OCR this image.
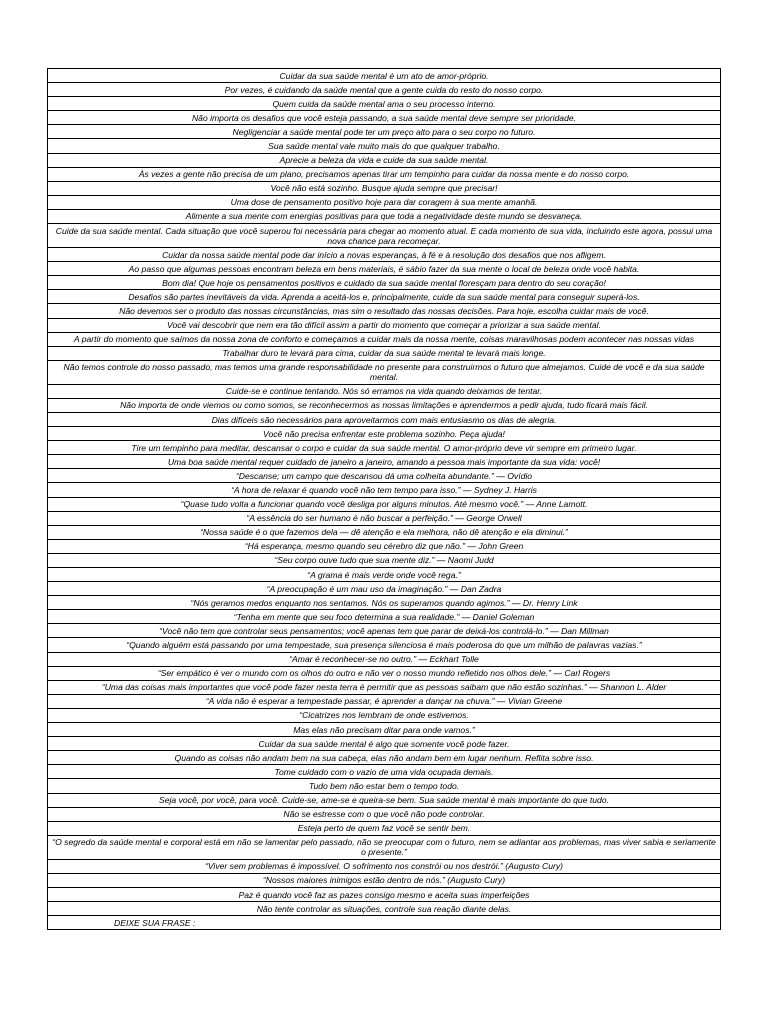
Cuidar da sua saúde mental é um ato de amor-próprio.
Por vezes, é cuidando da saúde mental que a gente cuida do resto do nosso corpo.
Quem cuida da saúde mental ama o seu processo interno.
Não importa os desafios que você esteja passando, a sua saúde mental deve sempre ser prioridade.
Negligenciar a saúde mental pode ter um preço alto para o seu corpo no futuro.
Sua saúde mental vale muito mais do que qualquer trabalho.
Aprecie a beleza da vida e cuide da sua saúde mental.
Às vezes a gente não precisa de um plano, precisamos apenas tirar um tempinho para cuidar da nossa mente e do nosso corpo.
Você não está sozinho. Busque ajuda sempre que precisar!
Uma dose de pensamento positivo hoje para dar coragem à sua mente amanhã.
Alimente a sua mente com energias positivas para que toda a negatividade deste mundo se desvaneça.
Cuide da sua saúde mental. Cada situação que você superou foi necessária para chegar ao momento atual. E cada momento de sua vida, incluindo este agora, possui uma nova chance para recomeçar.
Cuidar da nossa saúde mental pode dar início a novas esperanças, à fé e à resolução dos desafios que nos afligem.
Ao passo que algumas pessoas encontram beleza em bens materiais, é sábio fazer da sua mente o local de beleza onde você habita.
Bom dia! Que hoje os pensamentos positivos e cuidado da sua saúde mental floresçam para dentro do seu coração!
Desafios são partes inevitáveis da vida. Aprenda a aceitá-los e, principalmente, cuide da sua saúde mental para conseguir superá-los.
Não devemos ser o produto das nossas circunstâncias, mas sim o resultado das nossas decisões. Para hoje, escolha cuidar mais de você.
Você vai descobrir que nem era tão difícil assim a partir do momento que começar a priorizar a sua saúde mental.
A partir do momento que saímos da nossa zona de conforto e começamos a cuidar mais da nossa mente, coisas maravilhosas podem acontecer nas nossas vidas
Trabalhar duro te levará para cima, cuidar da sua saúde mental te levará mais longe.
Não temos controle do nosso passado, mas temos uma grande responsabilidade no presente para construirmos o futuro que almejamos. Cuide de você e da sua saúde mental.
Cuide-se e continue tentando. Nós só erramos na vida quando deixamos de tentar.
Não importa de onde viemos ou como somos, se reconhecermos as nossas limitações e aprendermos a pedir ajuda, tudo ficará mais fácil.
Dias difíceis são necessários para aproveitarmos com mais entusiasmo os dias de alegria.
Você não precisa enfrentar este problema sozinho. Peça ajuda!
Tire um tempinho para meditar, descansar o corpo e cuidar da sua saúde mental. O amor-próprio deve vir sempre em primeiro lugar.
Uma boa saúde mental requer cuidado de janeiro a janeiro, amando a pessoa mais importante da sua vida: você!
“Descanse; um campo que descansou dá uma colheita abundante.” — Ovídio
“A hora de relaxar é quando você não tem tempo para isso.” — Sydney J. Harris
“Quase tudo volta a funcionar quando você desliga por alguns minutos. Até mesmo você.” — Anne Lamott.
“A essência do ser humano é não buscar a perfeição.” — George Orwell
“Nossa saúde é o que fazemos dela — dê atenção e ela melhora, não dê atenção e ela diminui.”
“Há esperança, mesmo quando seu cérebro diz que não.” — John Green
“Seu corpo ouve tudo que sua mente diz.” — Naomi Judd
“A grama é mais verde onde você rega.”
“A preocupação é um mau uso da imaginação.” — Dan Zadra
“Nós geramos medos enquanto nos sentamos. Nós os superamos quando agimos.” — Dr. Henry Link
“Tenha em mente que seu foco determina a sua realidade.” — Daniel Goleman
“Você não tem que controlar seus pensamentos; você apenas tem que parar de deixá-los controlá-lo.” — Dan Millman
“Quando alguém está passando por uma tempestade, sua presença silenciosa é mais poderosa do que um milhão de palavras vazias.”
“Amar é reconhecer-se no outro.” — Eckhart Tolle
“Ser empático é ver o mundo com os olhos do outro e não ver o nosso mundo refletido nos olhos dele.” — Carl Rogers
“Uma das coisas mais importantes que você pode fazer nesta terra é permitir que as pessoas saibam que não estão sozinhas.” — Shannon L. Alder
“A vida não é esperar a tempestade passar, é aprender a dançar na chuva.” — Vivian Greene
“Cicatrizes nos lembram de onde estivemos.
Mas elas não precisam ditar para onde vamos.”
Cuidar da sua saúde mental é algo que somente você pode fazer.
Quando as coisas não andam bem na sua cabeça, elas não andam bem em lugar nenhum. Reflita sobre isso.
Tome cuidado com o vazio de uma vida ocupada demais.
Tudo bem não estar bem o tempo todo.
Seja você, por você, para você. Cuide-se, ame-se e queira-se bem. Sua saúde mental é mais importante do que tudo.
Não se estresse com o que você não pode controlar.
Esteja perto de quem faz você se sentir bem.
“O segredo da saúde mental e corporal está em não se lamentar pelo passado, não se preocupar com o futuro, nem se adiantar aos problemas, mas viver sabia e seriamente o presente.”
“Viver sem problemas é impossível. O sofrimento nos constrói ou nos destrói.” (Augusto Cury)
“Nossos maiores inimigos estão dentro de nós.” (Augusto Cury)
Paz é quando você faz as pazes consigo mesmo e aceita suas imperfeições
Não tente controlar as situações, controle sua reação diante delas.
DEIXE SUA FRASE :
